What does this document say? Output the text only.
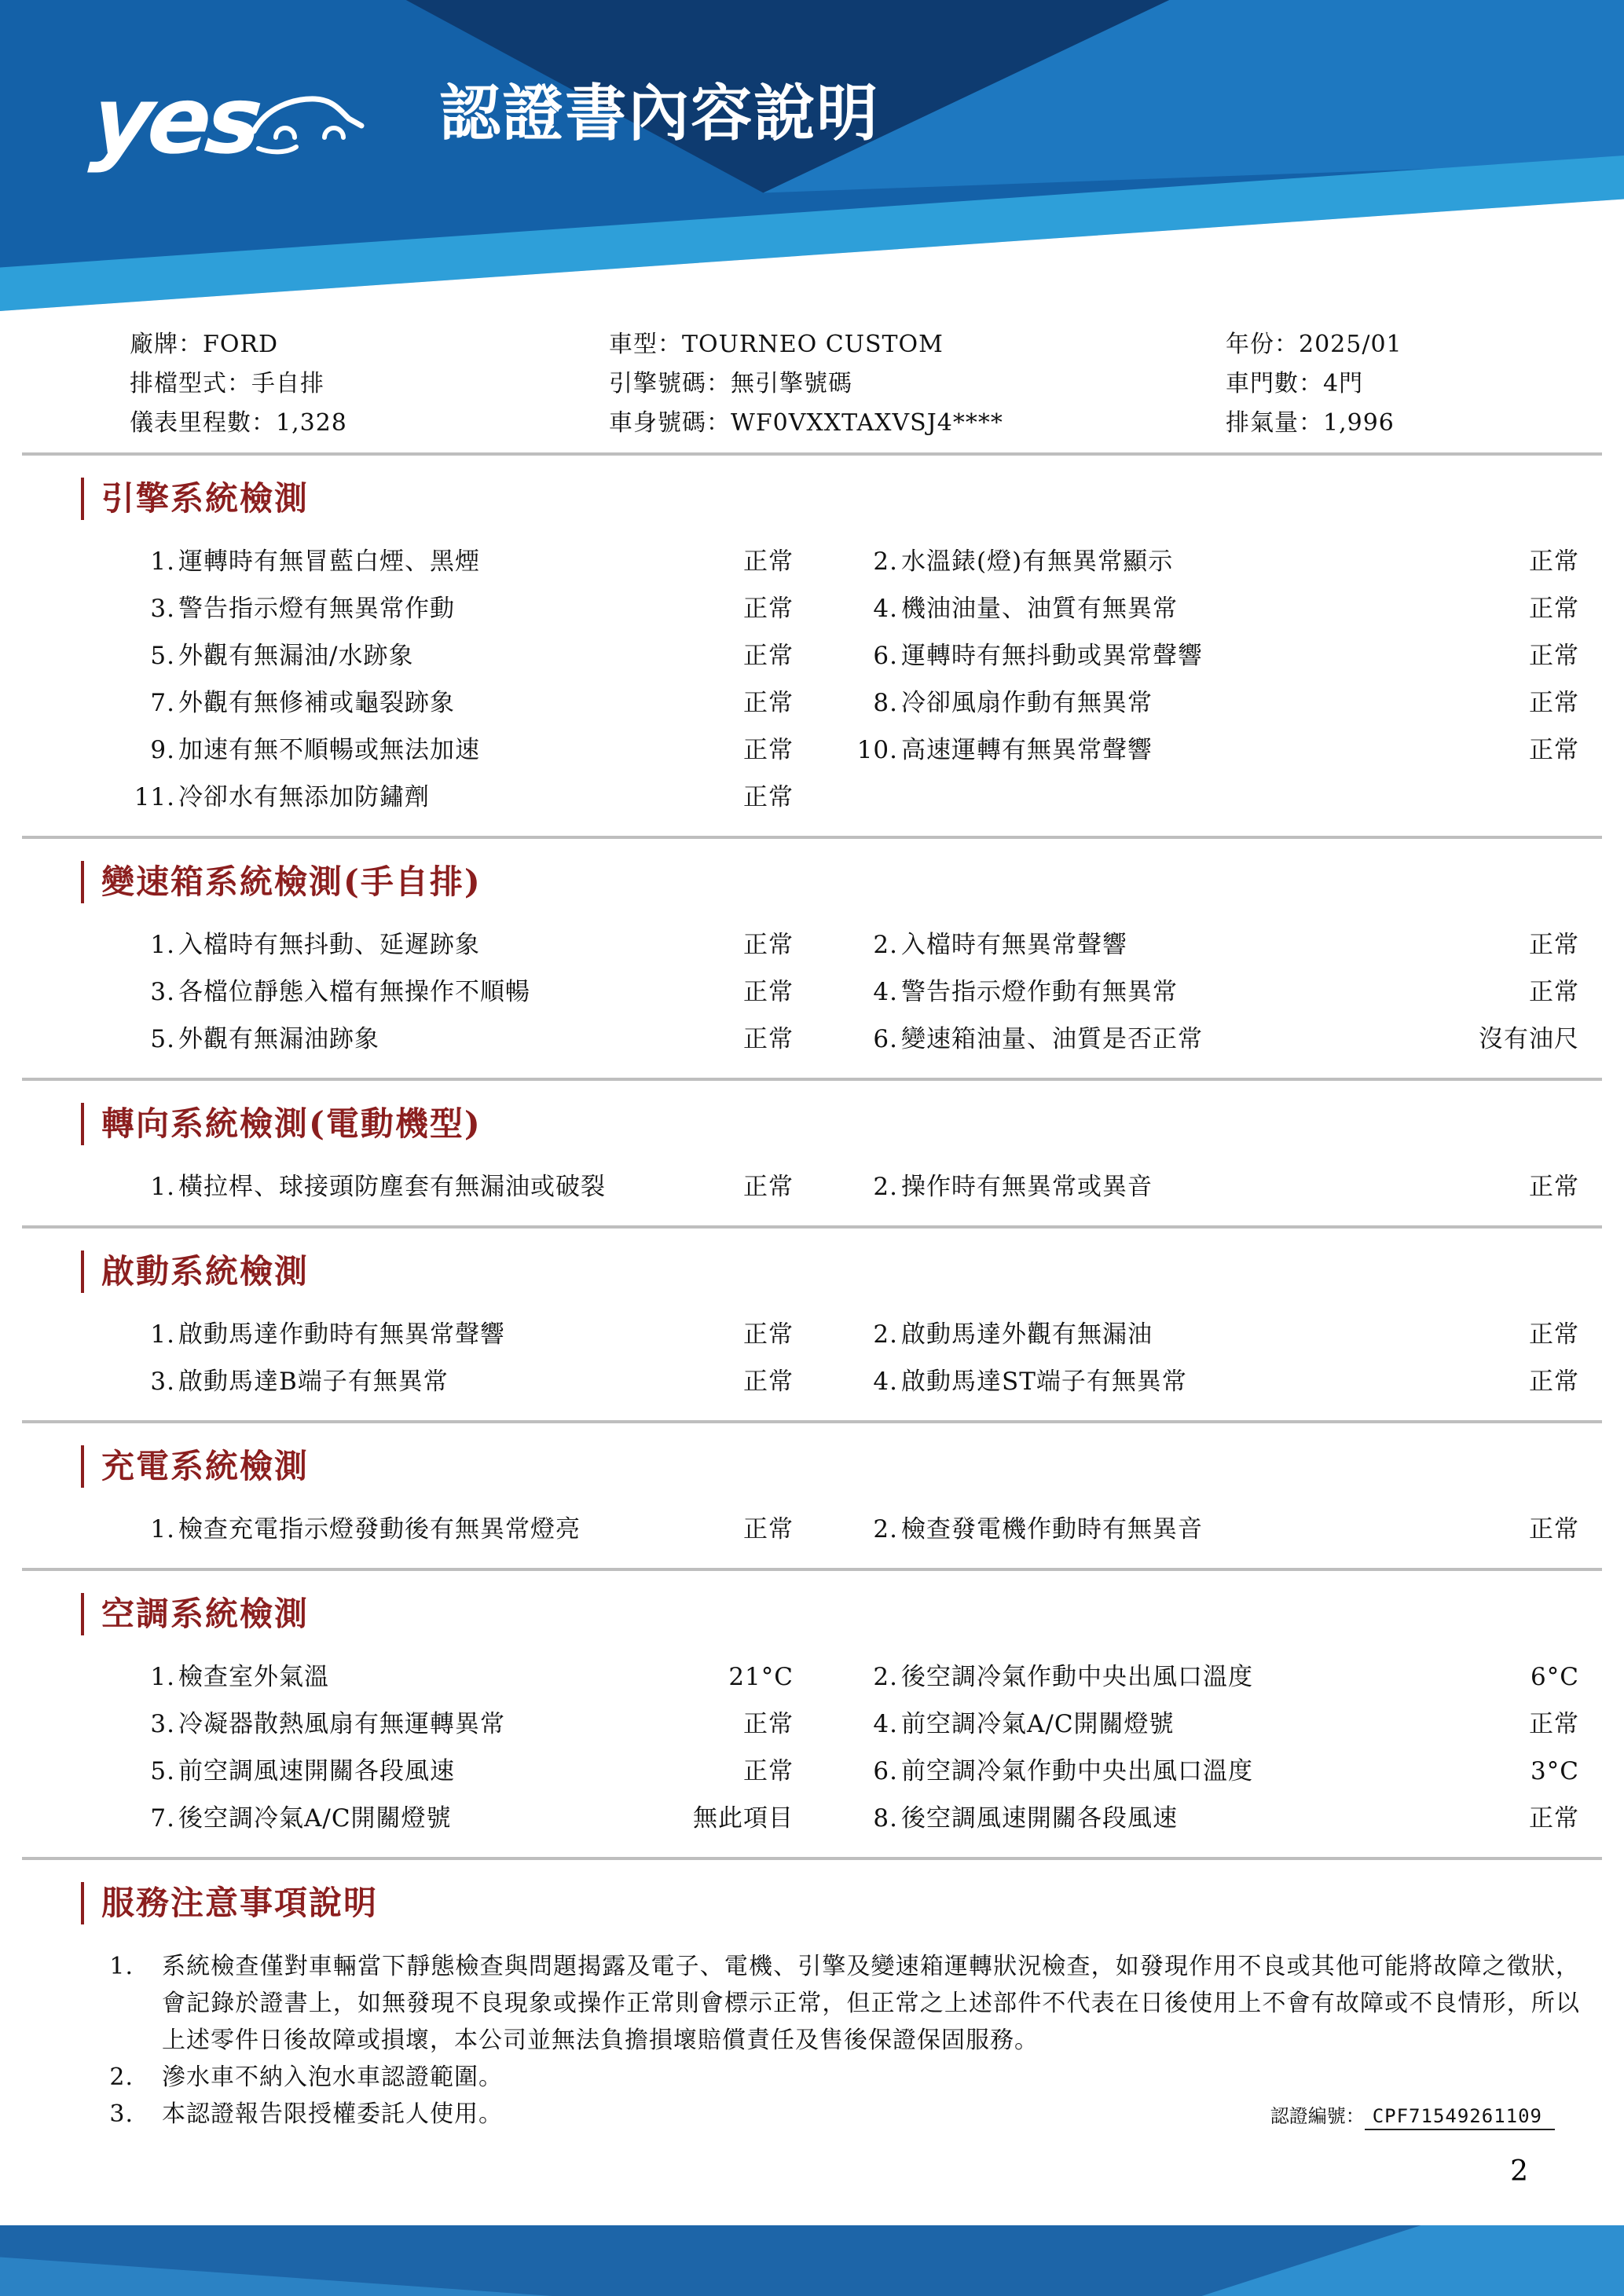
yes	認證書內容說明
廠牌：FORD	車型：TOURNEO CUSTOM	年份：2025/01
排檔型式：手自排	引擎號碼：無引擎號碼	車門數：4門
儀表里程數：1,328	車身號碼：WF0VXXTAXVSJ4****	排氣量：1,996
引擎系統檢測
1. 運轉時有無冒藍白煙、黑煙	正常	2. 水溫錶(燈)有無異常顯示	正常
3. 警告指示燈有無異常作動	正常	4. 機油油量、油質有無異常	正常
5. 外觀有無漏油/水跡象	正常	6. 運轉時有無抖動或異常聲響	正常
7. 外觀有無修補或龜裂跡象	正常	8. 冷卻風扇作動有無異常	正常
9. 加速有無不順暢或無法加速	正常	10. 高速運轉有無異常聲響	正常
11. 冷卻水有無添加防鏽劑	正常
變速箱系統檢測(手自排)
1. 入檔時有無抖動、延遲跡象	正常	2. 入檔時有無異常聲響	正常
3. 各檔位靜態入檔有無操作不順暢	正常	4. 警告指示燈作動有無異常	正常
5. 外觀有無漏油跡象	正常	6. 變速箱油量、油質是否正常	沒有油尺
轉向系統檢測(電動機型)
1. 橫拉桿、球接頭防塵套有無漏油或破裂	正常	2. 操作時有無異常或異音	正常
啟動系統檢測
1. 啟動馬達作動時有無異常聲響	正常	2. 啟動馬達外觀有無漏油	正常
3. 啟動馬達B端子有無異常	正常	4. 啟動馬達ST端子有無異常	正常
充電系統檢測
1. 檢查充電指示燈發動後有無異常燈亮	正常	2. 檢查發電機作動時有無異音	正常
空調系統檢測
1. 檢查室外氣溫	21°C	2. 後空調冷氣作動中央出風口溫度	6°C
3. 冷凝器散熱風扇有無運轉異常	正常	4. 前空調冷氣A/C開關燈號	正常
5. 前空調風速開關各段風速	正常	6. 前空調冷氣作動中央出風口溫度	3°C
7. 後空調冷氣A/C開關燈號	無此項目	8. 後空調風速開關各段風速	正常
服務注意事項說明
1. 系統檢查僅對車輛當下靜態檢查與問題揭露及電子、電機、引擎及變速箱運轉狀況檢查，如發現作用不良或其他可能將故障之徵狀，會記錄於證書上，如無發現不良現象或操作正常則會標示正常，但正常之上述部件不代表在日後使用上不會有故障或不良情形，所以上述零件日後故障或損壞，本公司並無法負擔損壞賠償責任及售後保證保固服務。
2. 滲水車不納入泡水車認證範圍。
3. 本認證報告限授權委託人使用。	認證編號： CPF71549261109
2
